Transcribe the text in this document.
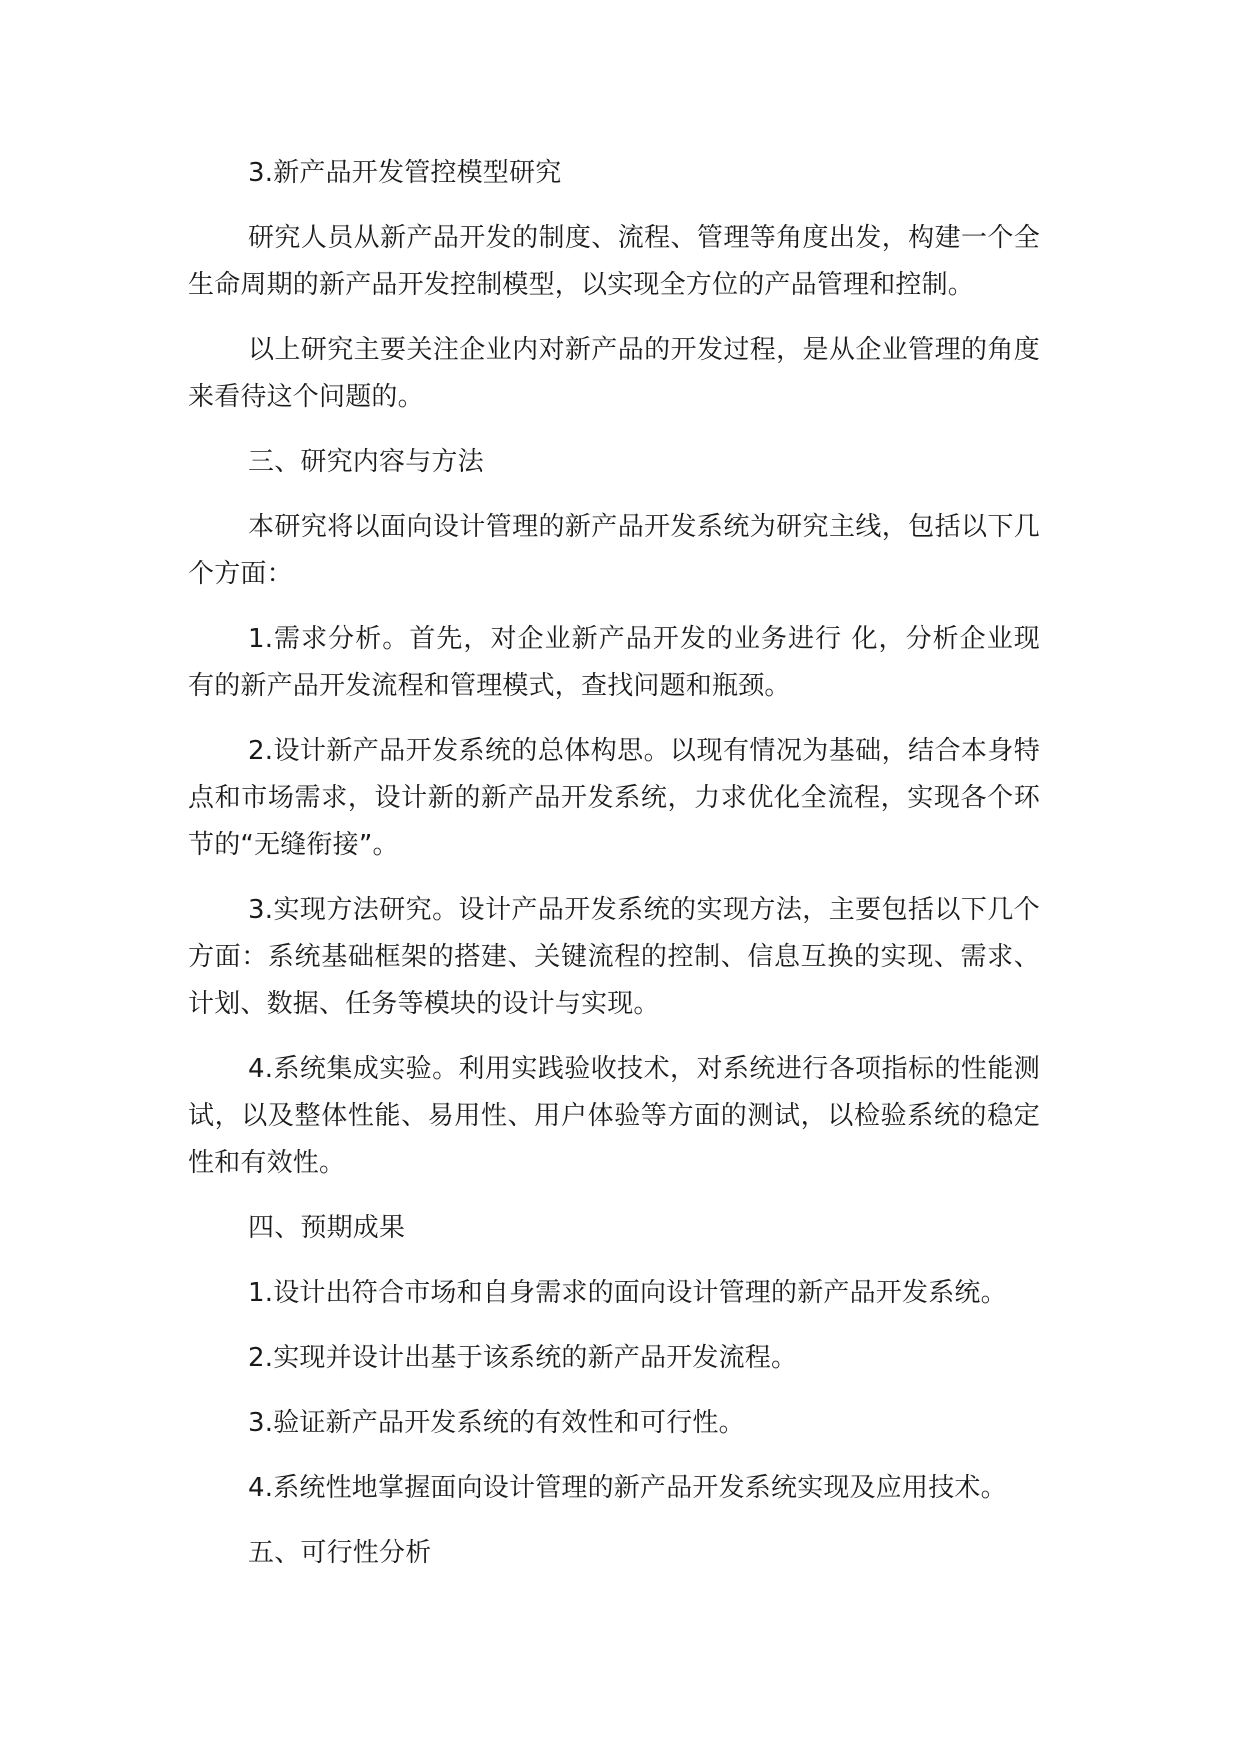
3.新产品开发管控模型研究

研究人员从新产品开发的制度、流程、管理等角度出发，构建一个全生命周期的新产品开发控制模型，以实现全方位的产品管理和控制。

以上研究主要关注企业内对新产品的开发过程，是从企业管理的角度来看待这个问题的。

三、研究内容与方法

本研究将以面向设计管理的新产品开发系统为研究主线，包括以下几个方面：

1.需求分析。首先，对企业新产品开发的业务进行 化，分析企业现有的新产品开发流程和管理模式，查找问题和瓶颈。

2.设计新产品开发系统的总体构思。以现有情况为基础，结合本身特点和市场需求，设计新的新产品开发系统，力求优化全流程，实现各个环节的“无缝衔接”。

3.实现方法研究。设计产品开发系统的实现方法，主要包括以下几个方面：系统基础框架的搭建、关键流程的控制、信息互换的实现、需求、计划、数据、任务等模块的设计与实现。

4.系统集成实验。利用实践验收技术，对系统进行各项指标的性能测试，以及整体性能、易用性、用户体验等方面的测试，以检验系统的稳定性和有效性。

四、预期成果

1.设计出符合市场和自身需求的面向设计管理的新产品开发系统。

2.实现并设计出基于该系统的新产品开发流程。

3.验证新产品开发系统的有效性和可行性。

4.系统性地掌握面向设计管理的新产品开发系统实现及应用技术。

五、可行性分析
